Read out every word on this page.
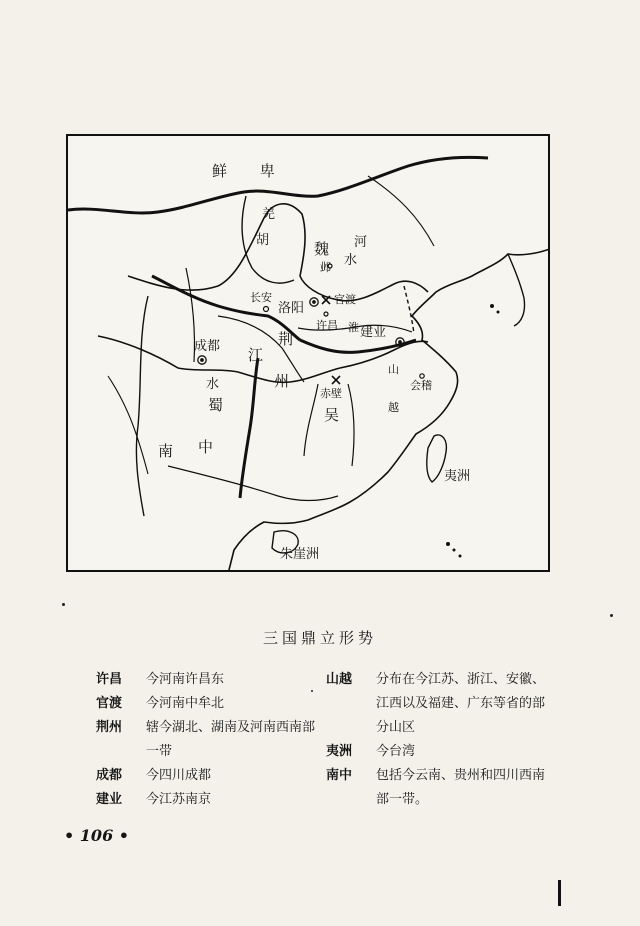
鲜 卑
羌
胡	魏
邺
河
水
长安
洛阳
官渡
许昌 淮 建业
成都	荆
江
州
水
蜀
赤壁
吴
山
越
会稽
南 中
夷洲
朱崖洲
三国鼎立形势
许昌	今河南许昌东
官渡	今河南中牟北
荆州	辖今湖北、湖南及河南西南部一带
成都	今四川成都
建业	今江苏南京
山越	分布在今江苏、浙江、安徽、江西以及福建、广东等省的部分山区
夷洲	今台湾
南中	包括今云南、贵州和四川西南部一带。
• 106 •
